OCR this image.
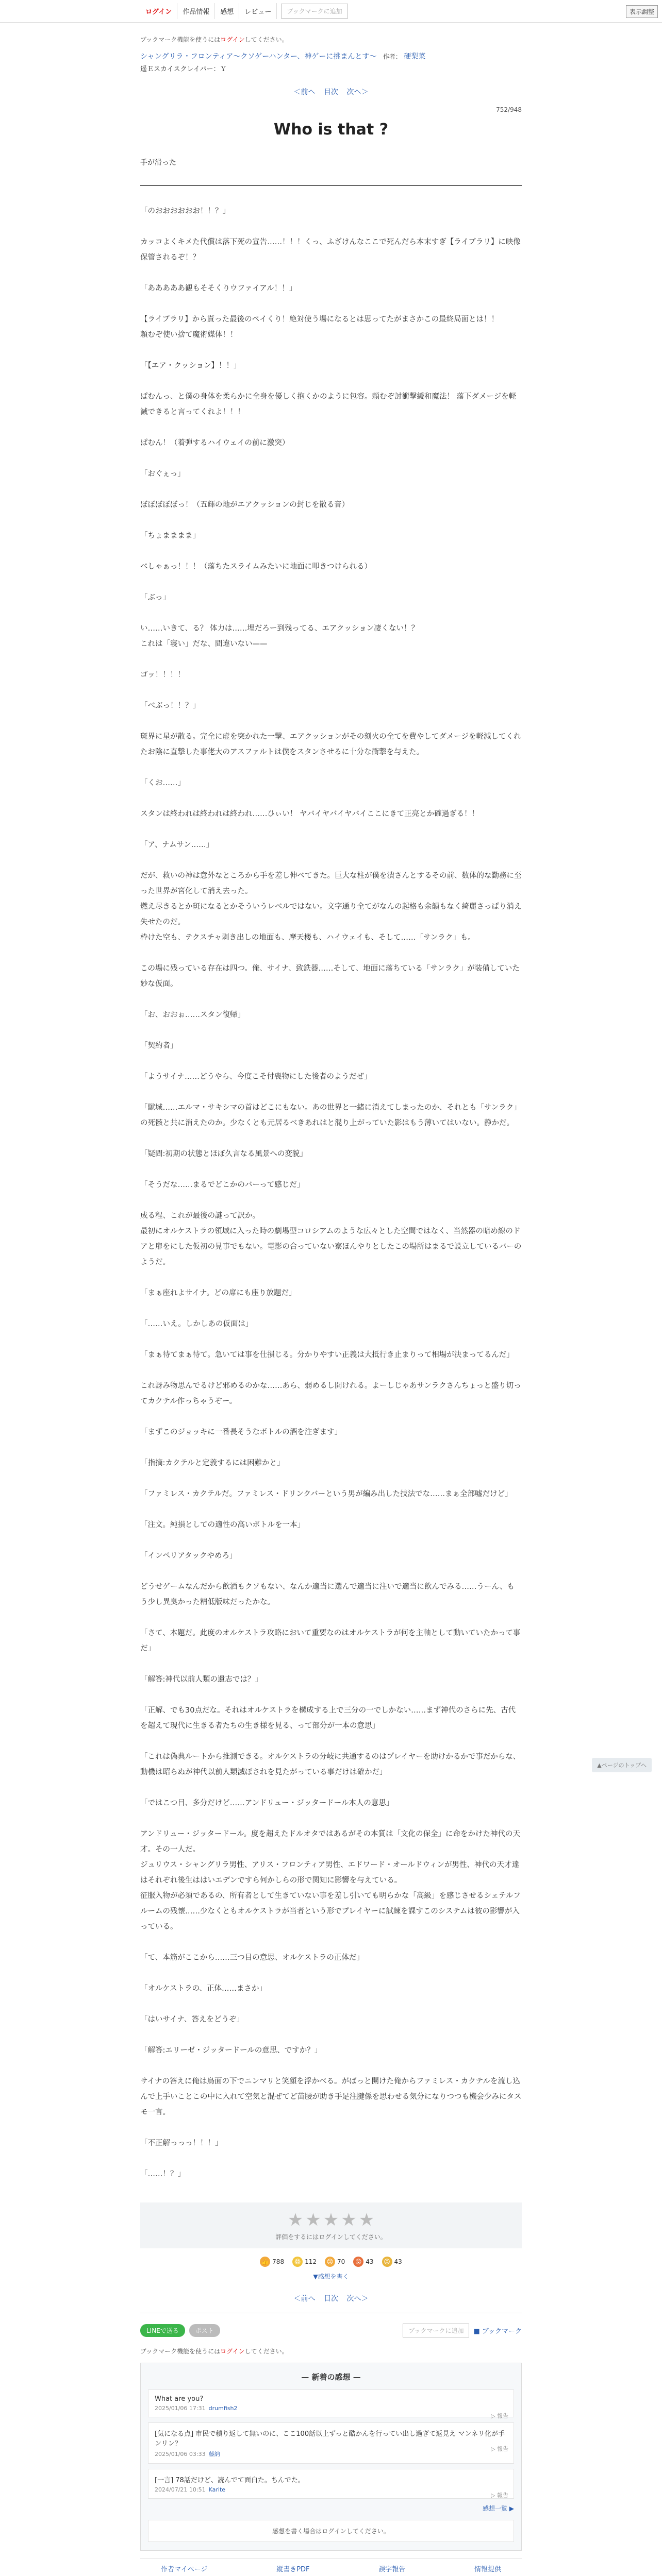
ログイン	作品情報	感想	レビュー	ブックマークに追加	表示調整
ブックマーク機能を使うにはログインしてください。
シャングリラ・フロンティア〜クソゲーハンター、神ゲーに挑まんとす〜 作者： 硬梨菜
遥Ｅスカイスクレイパー：Ｙ
＜前へ 目次 次へ＞
752/948
Who is that ?
手が滑った

「のおおおおおお！！？」

カッコよくキメた代償は落下死の宣告……！！！くっ、ふざけんなここで死んだら本末すぎ【ライブラリ】に映像保管されるぞ！？

「あああああ観もそそくりウファイアル！！」

【ライブラリ】から貰った最後のペイくり！絶対使う場になるとは思ってたがまさかこの最終局面とは！！

頼むぞ使い捨て魔術媒体！！

「【エア・クッション】！！」

ぱむんっ、と僕の身体を柔らかに全身を優しく抱くかのように包容。頼むぞ討衝撃緩和魔法！ 落下ダメージを軽減できると言ってくれよ！！！

ぱむん！（着弾するハイウェイの前に激突）

「おぐぇっ」

ぼぼぼぼぼっ！（五輝の地がエアクッションの封じを散る音）

「ちょまままま」

べしゃぁっ！！！（落ちたスライムみたいに地面に叩きつけられる）

「ぶっ」

い……いきて、る？ 体力は……埋だろー到残ってる、エアクッション凄くない！？

これは「寝い」だな、間違いない——

ゴッ！！！！

「べぶっ！！？」

斑界に星が散る。完全に虚を突かれた一撃、エアクッションがその刻火の全てを費やしてダメージを軽減してくれたお陰に直撃した事佬大のアスファルトは僕をスタンさせるに十分な衝撃を与えた。

「くお……」

スタンは終われは終われは終われ……ひぃい！ ヤバイヤバイヤバイここにきて正亮とか確過ぎる！！

「ア、ナムサン……」

だが、救いの神は意外なところから手を差し伸べてきた。巨大な柱が僕を潰さんとするその前、数体的な勤務に至った世界が宮化して消え去った。

燃え尽きるとか斑になるとかそういうレベルではない。文字通り全てがなんの起格も余韻もなく綺麗さっぱり消え失せたのだ。

枠けた空も、テクスチャ剥き出しの地面も、摩天楼も、ハイウェイも、そして……「サンラク」も。

この場に残っている存在は四つ。俺、サイナ、致鉄器……そして、地面に落ちている「サンラク」が装備していた妙な仮面。

「お、おおぉ……スタン復帰」

「契約者」

「ようサイナ……どうやら、今度こそ付喪物にした後者のようだぜ」

「獣城……エルマ・サキシマの首はどこにもない。あの世界と一緒に消えてしまったのか、それとも「サンラク」の死骸と共に消えたのか。少なくとも元居るべきあれはと混り上がっていた影はもう薄いてはいない。静かだ。

「疑問:初期の状態とほぼ久言なる風景への変貌」

「そうだな……まるでどこかのバーって感じだ」

成る程、これが最後の謎って訳か。

最初にオルケストラの領域に入った時の劇場型コロシアムのような広々とした空間ではなく、当然器の暗め線のドアと扉をにした仮初の見事でもない。電影の合っていない寮ほんやりとしたこの場所はまるで設立しているバーのようだ。

「まぁ座れよサイナ。どの席にも座り放題だ」

「……いえ。しかしあの仮面は」

「まぁ待てまぁ待て。急いては事を仕損じる。分かりやすい正義は大抵行き止まりって相場が決まってるんだ」

これ訝み物思んでるけど邪めるのかな……あら、弱めるし開けれる。よーしじゃあサンラクさんちょっと盛り切ってカクテル作っちゃうぞー。

「まずこのジョッキに一番長そうなボトルの酒を注ぎます」

「指摘:カクテルと定義するには困難かと」

「ファミレス・カクテルだ。ファミレス・ドリンクバーという男が編み出した技法でな……まぁ全部嘘だけど」

「注文。純損としての適性の高いボトルを一本」

「インペリアタックやめろ」

どうせゲームなんだから飲酒もクソもない、なんか適当に選んで適当に注いで適当に飲んでみる……うーん、もう少し異臭かった精低版味だったかな。

「さて、本題だ。此度のオルケストラ攻略において重要なのはオルケストラが何を主軸として動いていたかって事だ」

「解答:神代以前人類の遺志では？」

「正解、でも30点だな。それはオルケストラを構成する上で三分の一でしかない……まず神代のさらに先、古代を超えて現代に生きる者たちの生き様を見る、って部分が一本の意思」

「これは偽典ルートから推測できる。オルケストラの分岐に共通するのはプレイヤーを助けかるかで事だからな、動機は昭らぬが神代以前人類滅ぼされを見たがっている事だけは確かだ」

「ではこつ目、多分だけど……アンドリュー・ジッタードール本人の意思」

アンドリュー・ジッタードール。度を超えたドルオタではあるがその本質は「文化の保全」に命をかけた神代の天才。その一人だ。

ジュリウス・シャングリラ男性、アリス・フロンティア男性、エドワード・オールドウィンが男性、神代の天才達はそれぞれ後生ははいエデンですら何かしらの形で関知に影響を与えている。

征服入物が必須であるの、所有者として生きていない事を差し引いても明らかな「高級」を感じさせるシェテルフルームの残懐……少なくともオルケストラが当者という形でプレイヤーに試練を課すこのシステムは彼の影響が入っている。

「て、本筋がここから……三つ目の意思、オルケストラの正体だ」

「オルケストラの、正体……まさか」

「はいサイナ、答えをどうぞ」

「解答:エリーゼ・ジッタードールの意思、ですか？」

サイナの答えに俺は鳥面の下でニンマリと笑顔を浮かべる。がばっと開けた俺からファミレス・カクテルを流し込んで上手いことこの中に入れて空気と混ぜてど苗腰が助き手足注腱係を思わせる気分になりつつも機会少みにタスモ一言。

「不正解っっっ！！！」

「……！？」

★ ★ ★ ★ ★
評価をするにはログインしてください。
👍 788 😂 112	😢 70	😲 43	😠 43
▼感想を書く
＜前へ 目次 次へ＞
LINEで送る	ポスト	ブックマークに追加	■ ブックマーク
ブックマーク機能を使うにはログインしてください。
— 新着の感想 —
What are you?
2025/01/06 17:31 drumfish2
▷ 報告
[気になる点] 市民で積り返して無いのに、ここ100話以上ずっと酷かんを行ってい出し過ぎて返見え マンネリ化が手ンリン？
2025/01/06 03:33 藤納
▷ 報告
[一言] 78話だけど、読んでて面白た。ちんでた。
2024/07/21 10:51 Karite
▷ 報告
感想一覧 ▶
感想を書く場合はログインしてください。
作者マイページ	縦書きPDF	誤字報告	情報提供
▲ページのトップへ
